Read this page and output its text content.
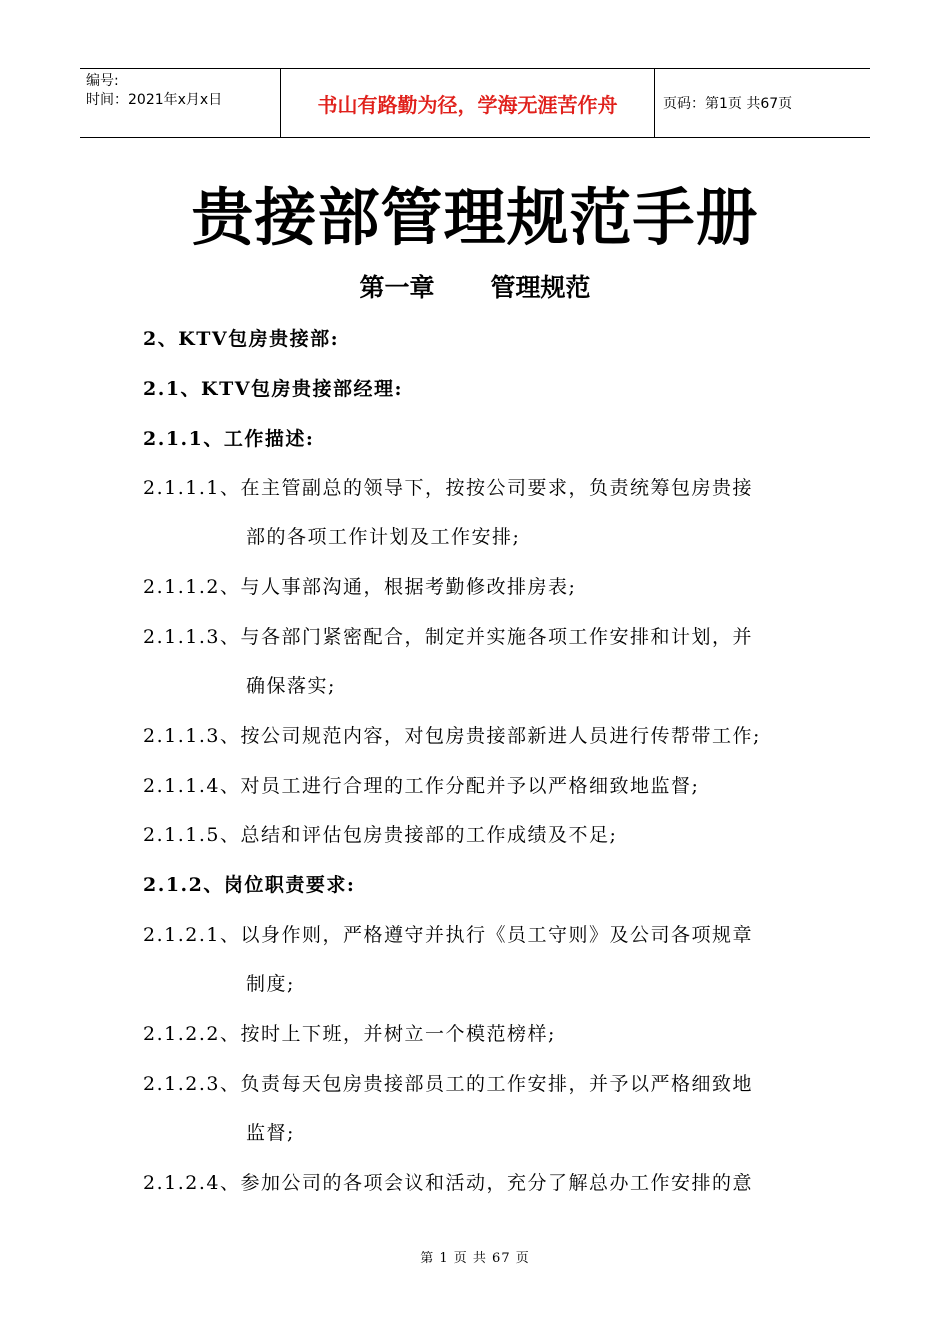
编号:
时间：2021年x月x日	书山有路勤为径，学海无涯苦作舟	页码：第1页 共67页
贵接部管理规范手册
第一章 管理规范
2、KTV包房贵接部:
2.1、KTV包房贵接部经理:
2.1.1、工作描述:
2.1.1.1、在主管副总的领导下，按按公司要求，负责统筹包房贵接
部的各项工作计划及工作安排;
2.1.1.2、与人事部沟通，根据考勤修改排房表;
2.1.1.3、与各部门紧密配合，制定并实施各项工作安排和计划，并
确保落实;
2.1.1.3、按公司规范内容，对包房贵接部新进人员进行传帮带工作;
2.1.1.4、对员工进行合理的工作分配并予以严格细致地监督;
2.1.1.5、总结和评估包房贵接部的工作成绩及不足;
2.1.2、岗位职责要求:
2.1.2.1、以身作则，严格遵守并执行《员工守则》及公司各项规章
制度;
2.1.2.2、按时上下班，并树立一个模范榜样;
2.1.2.3、负责每天包房贵接部员工的工作安排，并予以严格细致地
监督;
2.1.2.4、参加公司的各项会议和活动，充分了解总办工作安排的意
第 1 页 共 67 页
